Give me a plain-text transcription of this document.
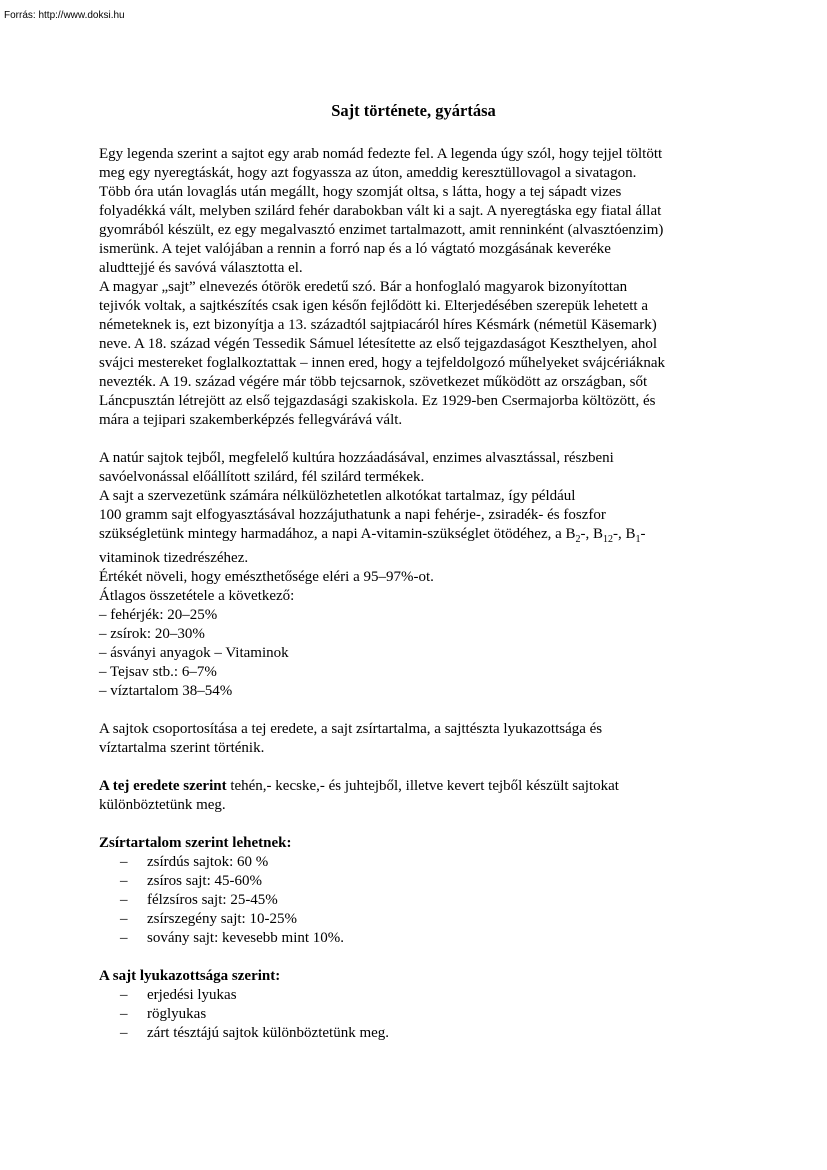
Forrás: http://www.doksi.hu
Sajt története, gyártása

Egy legenda szerint a sajtot egy arab nomád fedezte fel. A legenda úgy szól, hogy tejjel töltött

meg egy nyeregtáskát, hogy azt fogyassza az úton, ameddig keresztüllovagol a sivatagon.

Több óra után lovaglás után megállt, hogy szomját oltsa, s látta, hogy a tej sápadt vizes

folyadékká vált, melyben szilárd fehér darabokban vált ki a sajt. A nyeregtáska egy fiatal állat

gyomrából készült, ez egy megalvasztó enzimet tartalmazott, amit renninként (alvasztóenzim)

ismerünk. A tejet valójában a rennin a forró nap és a ló vágtató mozgásának keveréke

aludttejjé és savóvá választotta el.

A magyar „sajt” elnevezés ótörök eredetű szó. Bár a honfoglaló magyarok bizonyítottan

tejivók voltak, a sajtkészítés csak igen későn fejlődött ki. Elterjedésében szerepük lehetett a

németeknek is, ezt bizonyítja a 13. századtól sajtpiacáról híres Késmárk (németül Käsemark)

neve. A 18. század végén Tessedik Sámuel létesítette az első tejgazdaságot Keszthelyen, ahol

svájci mestereket foglalkoztattak – innen ered, hogy a tejfeldolgozó műhelyeket svájcériáknak

nevezték. A 19. század végére már több tejcsarnok, szövetkezet működött az országban, sőt

Láncpusztán létrejött az első tejgazdasági szakiskola. Ez 1929-ben Csermajorba költözött, és

mára a tejipari szakemberképzés fellegvárává vált.

A natúr sajtok tejből, megfelelő kultúra hozzáadásával, enzimes alvasztással, részbeni

savóelvonással előállított szilárd, fél szilárd termékek.

A sajt a szervezetünk számára nélkülözhetetlen alkotókat tartalmaz, így például

100 gramm sajt elfogyasztásával hozzájuthatunk a napi fehérje-, zsiradék- és foszfor

szükségletünk mintegy harmadához, a napi A-vitamin-szükséglet ötödéhez, a $B_2-$, $B_{12}-$, $B_1-$

vitaminok tizedrészéhez.

Értékét növeli, hogy emészthetősége eléri a 95–97%-ot.

Átlagos összetétele a következő:

– fehérjék: 20–25%

– zsírok: 20–30%

– ásványi anyagok – Vitaminok

– Tejsav stb.: 6–7%

– víztartalom 38–54%

A sajtok csoportosítása a tej eredete, a sajt zsírtartalma, a sajttészta lyukazottsága és

víztartalma szerint történik.

A tej eredete szerint tehén,- kecske,- és juhtejből, illetve kevert tejből készült sajtokat

különböztetünk meg.

Zsírtartalom szerint lehetnek:

– zsírdús sajtok: 60 %
– zsíros sajt: 45-60%
– félzsíros sajt: 25-45%
– zsírszegény sajt: 10-25%
– sovány sajt: kevesebb mint 10%.

A sajt lyukazottsága szerint:

– erjedési lyukas
– röglyukas
– zárt tésztájú sajtok különböztetünk meg.
